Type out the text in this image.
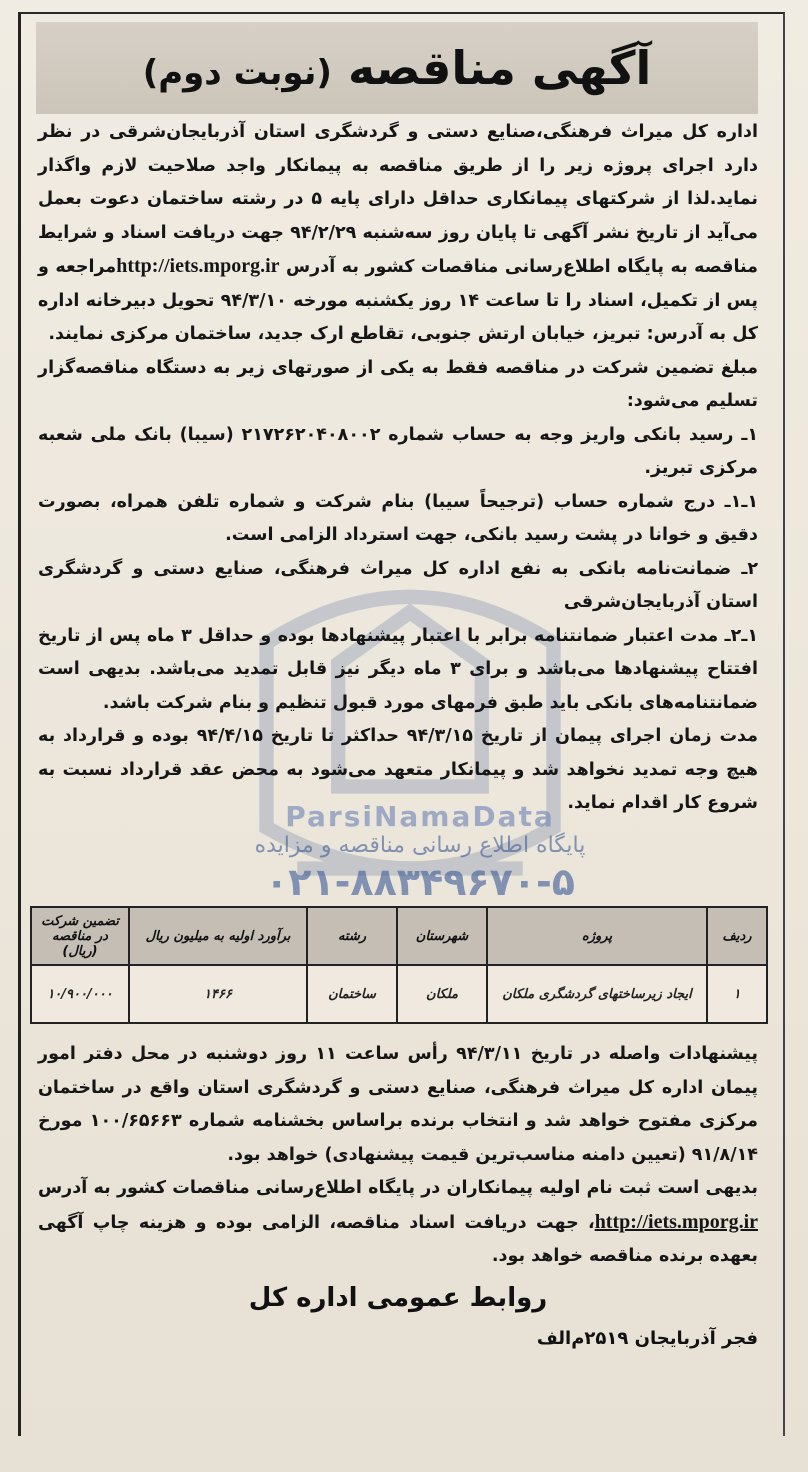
آگهی مناقصه (نوبت دوم)
ParsiNamaData
پایگاه اطلاع رسانی مناقصه و مزایده
۰۲۱-۸۸۳۴۹۶۷۰-۵

اداره کل میراث فرهنگی،صنایع دستی و گردشگری استان آذربایجان‌شرقی در نظر دارد اجرای پروژه زیر را از طریق مناقصه به پیمانکار واجد صلاحیت لازم واگذار نماید.لذا از شرکتهای پیمانکاری حداقل دارای پایه ۵ در رشته ساختمان دعوت بعمل می‌آید از تاریخ نشر آگهی تا پایان روز سه‌شنبه ۹۴/۲/۲۹ جهت دریافت اسناد و شرایط مناقصه به پایگاه اطلاع‌رسانی مناقصات کشور به آدرس http://iets.mporg.irمراجعه و پس از تکمیل، اسناد را تا ساعت ۱۴ روز یکشنبه مورخه ۹۴/۳/۱۰ تحویل دبیرخانه اداره کل به آدرس: تبریز، خیابان ارتش جنوبی، تقاطع ارک جدید، ساختمان مرکزی نمایند.

مبلغ تضمین شرکت در مناقصه فقط به یکی از صورتهای زیر به دستگاه مناقصه‌گزار تسلیم می‌شود:

۱ـ رسید بانکی واریز وجه به حساب شماره ۲۱۷۲۶۲۰۴۰۸۰۰۲ (سیبا) بانک ملی شعبه مرکزی تبریز.

۱ـ۱ـ درج شماره حساب (ترجیحاً سیبا) بنام شرکت و شماره تلفن همراه، بصورت دقیق و خوانا در پشت رسید بانکی، جهت استرداد الزامی است.

۲ـ ضمانت‌نامه بانکی به نفع اداره کل میراث فرهنگی، صنایع دستی و گردشگری استان آذربایجان‌شرقی

۱ـ۲ـ مدت اعتبار ضمانتنامه برابر با اعتبار پیشنهادها بوده و حداقل ۳ ماه پس از تاریخ افتتاح پیشنهادها می‌باشد و برای ۳ ماه دیگر نیز قابل تمدید می‌باشد. بدیهی است ضمانتنامه‌های بانکی باید طبق فرمهای مورد قبول تنظیم و بنام شرکت باشد.

مدت زمان اجرای پیمان از تاریخ ۹۴/۳/۱۵ حداکثر تا تاریخ ۹۴/۴/۱۵ بوده و قرارداد به هیچ وجه تمدید نخواهد شد و پیمانکار متعهد می‌شود به محض عقد قرارداد نسبت به شروع کار اقدام نماید.

ردیف	پروژه	شهرستان	رشته	برآورد اولیه به میلیون ریال	تضمین شرکت در مناقصه (ریال)
۱	ایجاد زیرساختهای گردشگری ملکان	ملکان	ساختمان	۱۴۶۶	۱۰/۹۰۰/۰۰۰

پیشنهادات واصله در تاریخ ۹۴/۳/۱۱ رأس ساعت ۱۱ روز دوشنبه در محل دفتر امور پیمان اداره کل میراث فرهنگی، صنایع دستی و گردشگری استان واقع در ساختمان مرکزی مفتوح خواهد شد و انتخاب برنده براساس بخشنامه شماره ۱۰۰/۶۵۶۶۳ مورخ ۹۱/۸/۱۴ (تعیین دامنه مناسب‌ترین قیمت پیشنهادی) خواهد بود.

بدیهی است ثبت نام اولیه پیمانکاران در پایگاه اطلاع‌رسانی مناقصات کشور به آدرس http://iets.mporg.ir، جهت دریافت اسناد مناقصه، الزامی بوده و هزینه چاپ آگهی بعهده برنده مناقصه خواهد بود.

روابط عمومی اداره کل
فجر آذربایجان ۲۵۱۹م‌الف
